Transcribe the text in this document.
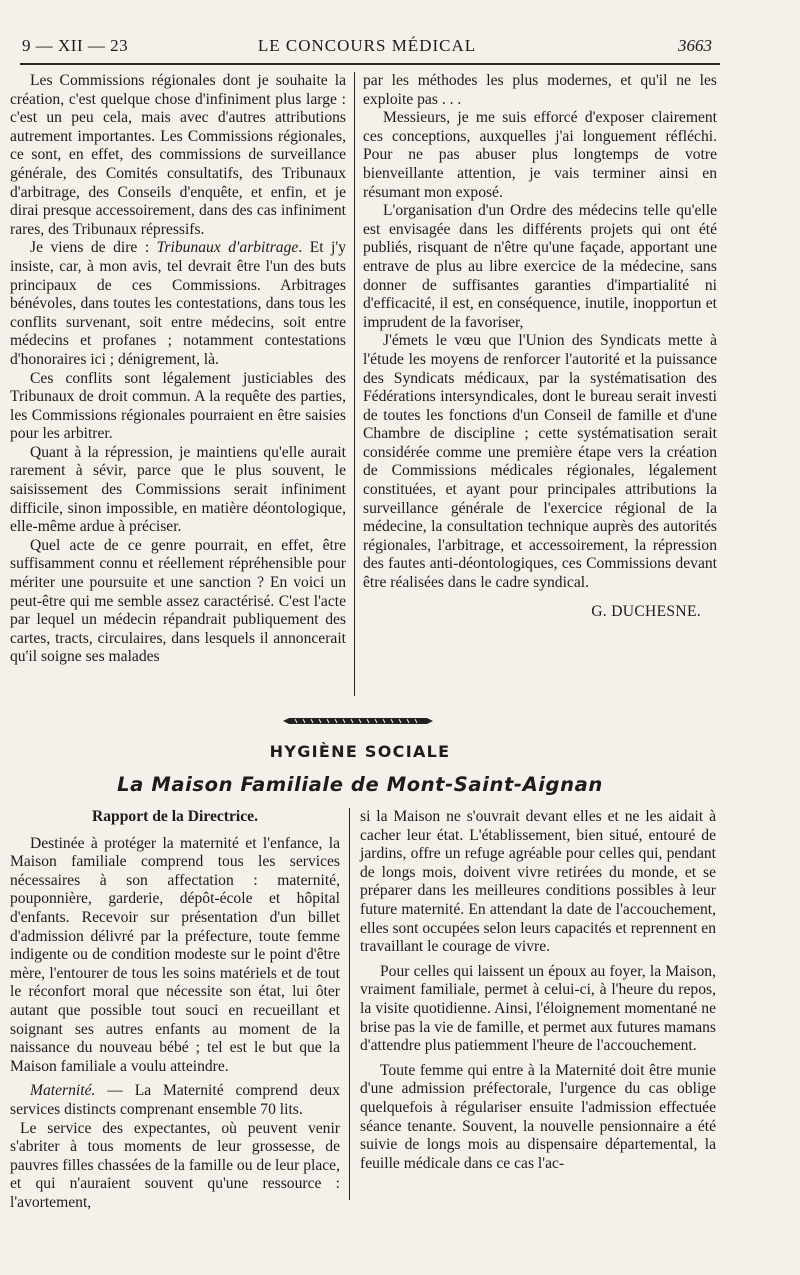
9 — XII — 23	LE CONCOURS MÉDICAL	3663

Les Commissions régionales dont je souhaite la création, c'est quelque chose d'infiniment plus large : c'est un peu cela, mais avec d'autres attributions autrement importantes. Les Commissions régionales, ce sont, en effet, des commissions de surveillance générale, des Comités consultatifs, des Tribunaux d'arbitrage, des Conseils d'enquête, et enfin, et je dirai presque accessoirement, dans des cas infiniment rares, des Tribunaux répressifs.

Je viens de dire : Tribunaux d'arbitrage. Et j'y insiste, car, à mon avis, tel devrait être l'un des buts principaux de ces Commissions. Arbitrages bénévoles, dans toutes les contestations, dans tous les conflits survenant, soit entre médecins, soit entre médecins et profanes ; notamment contestations d'honoraires ici ; dénigrement, là.

Ces conflits sont légalement justiciables des Tribunaux de droit commun. A la requête des parties, les Commissions régionales pourraient en être saisies pour les arbitrer.

Quant à la répression, je maintiens qu'elle aurait rarement à sévir, parce que le plus souvent, le saisissement des Commissions serait infiniment difficile, sinon impossible, en matière déontologique, elle-même ardue à préciser.

Quel acte de ce genre pourrait, en effet, être suffisamment connu et réellement répréhensible pour mériter une poursuite et une sanction ? En voici un peut-être qui me semble assez caractérisé. C'est l'acte par lequel un médecin répandrait publiquement des cartes, tracts, circulaires, dans lesquels il annoncerait qu'il soigne ses malades

par les méthodes les plus modernes, et qu'il ne les exploite pas . . .

Messieurs, je me suis efforcé d'exposer clairement ces conceptions, auxquelles j'ai longuement réfléchi. Pour ne pas abuser plus longtemps de votre bienveillante attention, je vais terminer ainsi en résumant mon exposé.

L'organisation d'un Ordre des médecins telle qu'elle est envisagée dans les différents projets qui ont été publiés, risquant de n'être qu'une façade, apportant une entrave de plus au libre exercice de la médecine, sans donner de suffisantes garanties d'impartialité ni d'efficacité, il est, en conséquence, inutile, inopportun et imprudent de la favoriser,

J'émets le vœu que l'Union des Syndicats mette à l'étude les moyens de renforcer l'autorité et la puissance des Syndicats médicaux, par la systématisation des Fédérations intersyndicales, dont le bureau serait investi de toutes les fonctions d'un Conseil de famille et d'une Chambre de discipline ; cette systématisation serait considérée comme une première étape vers la création de Commissions médicales régionales, légalement constituées, et ayant pour principales attributions la surveillance générale de l'exercice régional de la médecine, la consultation technique auprès des autorités régionales, l'arbitrage, et accessoirement, la répression des fautes anti-déontologiques, ces Commissions devant être réalisées dans le cadre syndical.

G. DUCHESNE.
HYGIÈNE SOCIALE
La Maison Familiale de Mont-Saint-Aignan
Rapport de la Directrice.

Destinée à protéger la maternité et l'enfance, la Maison familiale comprend tous les services nécessaires à son affectation : maternité, pouponnière, garderie, dépôt-école et hôpital d'enfants. Recevoir sur présentation d'un billet d'admission délivré par la préfecture, toute femme indigente ou de condition modeste sur le point d'être mère, l'entourer de tous les soins matériels et de tout le réconfort moral que nécessite son état, lui ôter autant que possible tout souci en recueillant et soignant ses autres enfants au moment de la naissance du nouveau bébé ; tel est le but que la Maison familiale a voulu atteindre.

Maternité. — La Maternité comprend deux services distincts comprenant ensemble 70 lits.

Le service des expectantes, où peuvent venir s'abriter à tous moments de leur grossesse, de pauvres filles chassées de la famille ou de leur place, et qui n'auraient souvent qu'une ressource : l'avortement,

si la Maison ne s'ouvrait devant elles et ne les aidait à cacher leur état. L'établissement, bien situé, entouré de jardins, offre un refuge agréable pour celles qui, pendant de longs mois, doivent vivre retirées du monde, et se préparer dans les meilleures conditions possibles à leur future maternité. En attendant la date de l'accouchement, elles sont occupées selon leurs capacités et reprennent en travaillant le courage de vivre.

Pour celles qui laissent un époux au foyer, la Maison, vraiment familiale, permet à celui-ci, à l'heure du repos, la visite quotidienne. Ainsi, l'éloignement momentané ne brise pas la vie de famille, et permet aux futures mamans d'attendre plus patiemment l'heure de l'accouchement.

Toute femme qui entre à la Maternité doit être munie d'une admission préfectorale, l'urgence du cas oblige quelquefois à régulariser ensuite l'admission effectuée séance tenante. Souvent, la nouvelle pensionnaire a été suivie de longs mois au dispensaire départemental, la feuille médicale dans ce cas l'ac-
